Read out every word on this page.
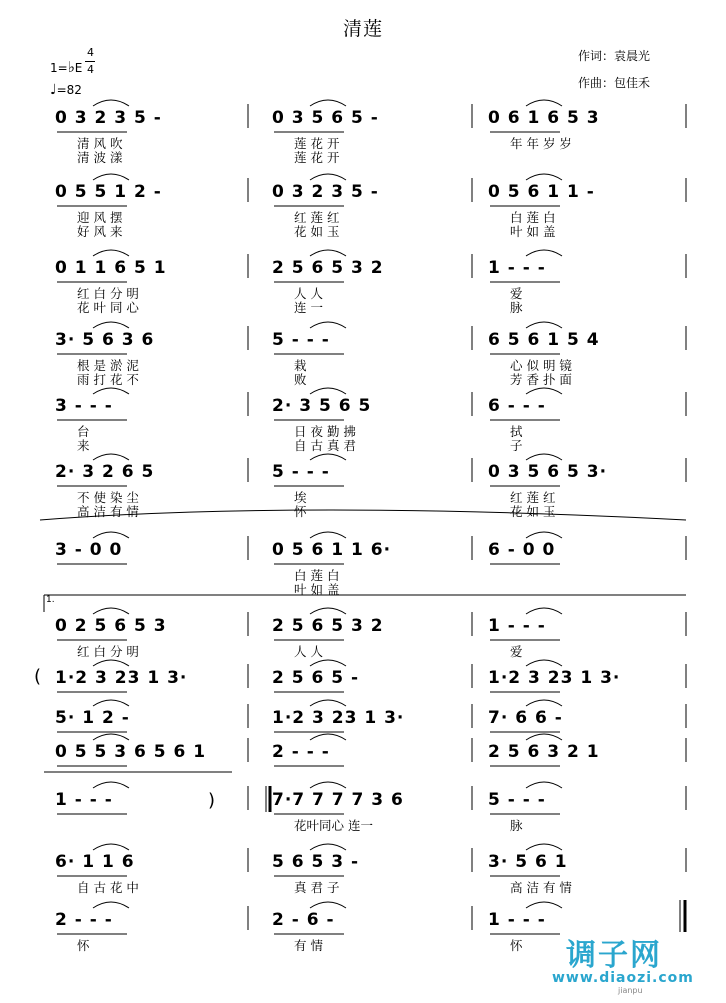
清莲
1=♭E
4
4
♩=82
作词：袁晨光
作曲：包佳禾
0 3 2 3 5 -
清 风 吹
清 波 漾
0 3 5 6 5 -
莲 花 开
莲 花 开
0 6 1 6 5 3
年 年 岁 岁
0 5 5 1 2 -
迎 风 摆
好 风 来
0 3 2 3 5 -
红 莲 红
花 如 玉
0 5 6 1 1 -
白 莲 白
叶 如 盖
0 1 1 6 5 1
红 白 分 明
花 叶 同 心
2 5 6 5 3 2
人 人
连 一
1 - - -
爱
脉
3· 5 6 3 6
根 是 淤 泥
雨 打 花 不
5 - - -
栽
败
6 5 6 1 5 4
心 似 明 镜
芳 香 扑 面
3 - - -
台
来
2· 3 5 6 5
日 夜 勤 拂
自 古 真 君
6 - - -
拭
子
2· 3 2 6 5
不 使 染 尘
高 洁 有 情
5 - - -
埃
怀
0 3 5 6 5 3·
红 莲 红
花 如 玉
3 - 0 0	0 5 6 1 1 6·
白 莲 白
叶 如 盖
6 - 0 0
0 2 5 6 5 3
红 白 分 明
2 5 6 5 3 2
人 人
1 - - -
爱
1·2 3 23 1 3·	2 5 6 5 -	1·2 3 23 1 3·
5· 1 2 -	1·2 3 23 1 3·	7· 6 6 -
0 5 5 3 6 5 6 1	2 - - -	2 5 6 3 2 1
1 - - -	7·7 7 7 7 3 6
花叶同心 连一
5 - - -
脉
6· 1 1 6
自 古 花 中
5 6 5 3 -
真 君 子
3· 5 6 1
高 洁 有 情
2 - - -
怀
2 - 6 -
有 情
1 - - -
怀
(
)
1.
调子网
www.diaozi.com
jianpu
